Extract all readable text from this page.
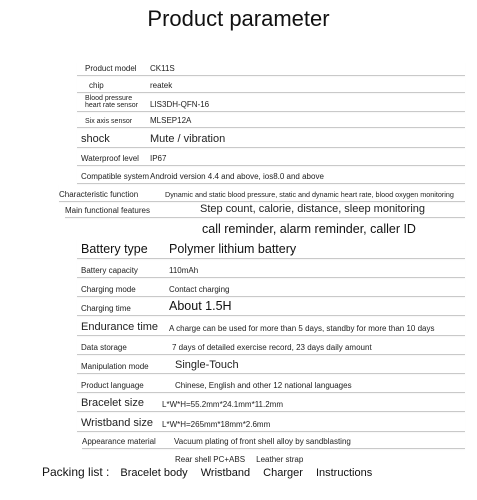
Product parameter
Product model CK11S
chip	reatek
Blood pressure
heart rate sensor LIS3DH-QFN-16
Six axis sensor MLSEP12A
shock	Mute / vibration
Waterproof level IP67
Compatible system Android version 4.4 and above, ios8.0 and above
Characteristic function	Dynamic and static blood pressure, static and dynamic heart rate, blood oxygen monitoring
Main functional features	Step count, calorie, distance, sleep monitoring
call reminder, alarm reminder, caller ID
Battery type Polymer lithium battery
Battery capacity	110mAh
Charging mode	Contact charging
Charging time	About 1.5H
Endurance time A charge can be used for more than 5 days, standby for more than 10 days
Data storage	7 days of detailed exercise record, 23 days daily amount
Manipulation mode Single-Touch
Product language	Chinese, English and other 12 national languages
Bracelet size L*W*H=55.2mm*24.1mm*11.2mm
Wristband size L*W*H=265mm*18mm*2.6mm
Appearance material Vacuum plating of front shell alloy by sandblasting
Rear shell PC+ABS     Leather strap
Packing list : Bracelet body Wristband Charger Instructions
